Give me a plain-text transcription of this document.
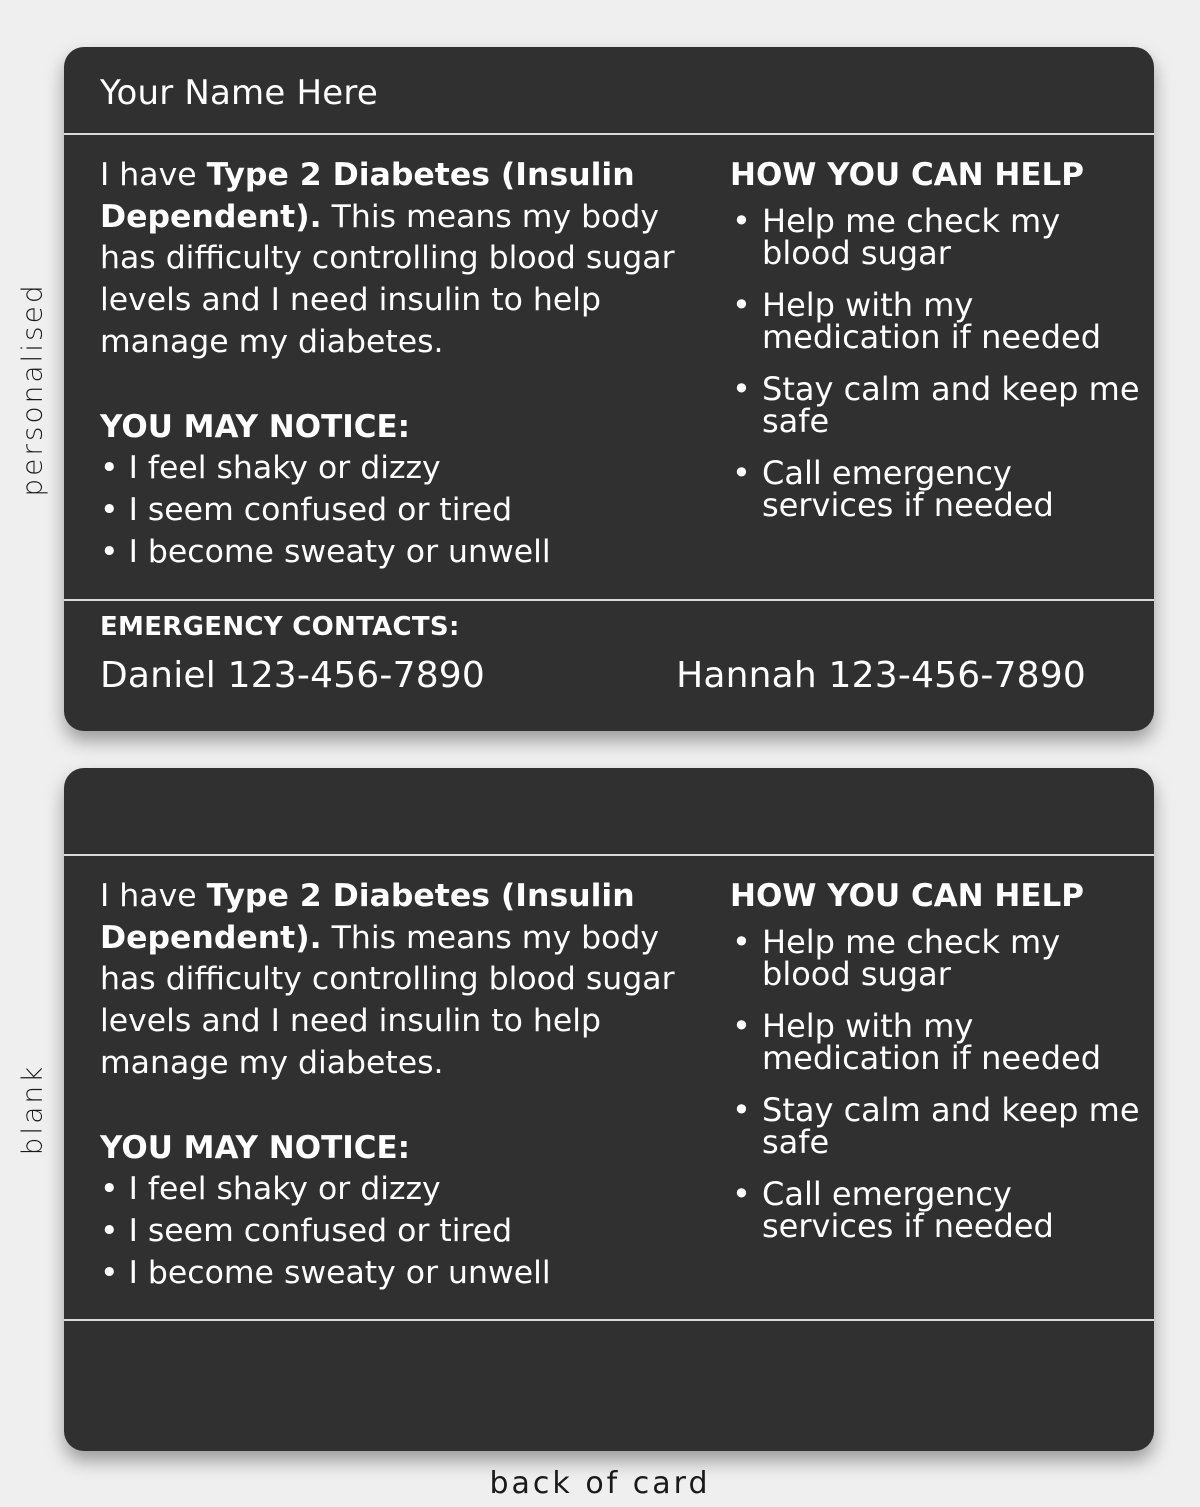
personalised
blank
Your Name Here
I have Type 2 Diabetes (Insulin Dependent). This means my body has difficulty controlling blood sugar levels and I need insulin to help manage my diabetes.
YOU MAY NOTICE:
• I feel shaky or dizzy
• I seem confused or tired
• I become sweaty or unwell
HOW YOU CAN HELP
• Help me check my blood sugar
• Help with my medication if needed
• Stay calm and keep me safe
• Call emergency services if needed
EMERGENCY CONTACTS:
Daniel 123-456-7890	Hannah 123-456-7890
I have Type 2 Diabetes (Insulin Dependent). This means my body has difficulty controlling blood sugar levels and I need insulin to help manage my diabetes.
YOU MAY NOTICE:
• I feel shaky or dizzy
• I seem confused or tired
• I become sweaty or unwell
HOW YOU CAN HELP
• Help me check my blood sugar
• Help with my medication if needed
• Stay calm and keep me safe
• Call emergency services if needed
back of card
